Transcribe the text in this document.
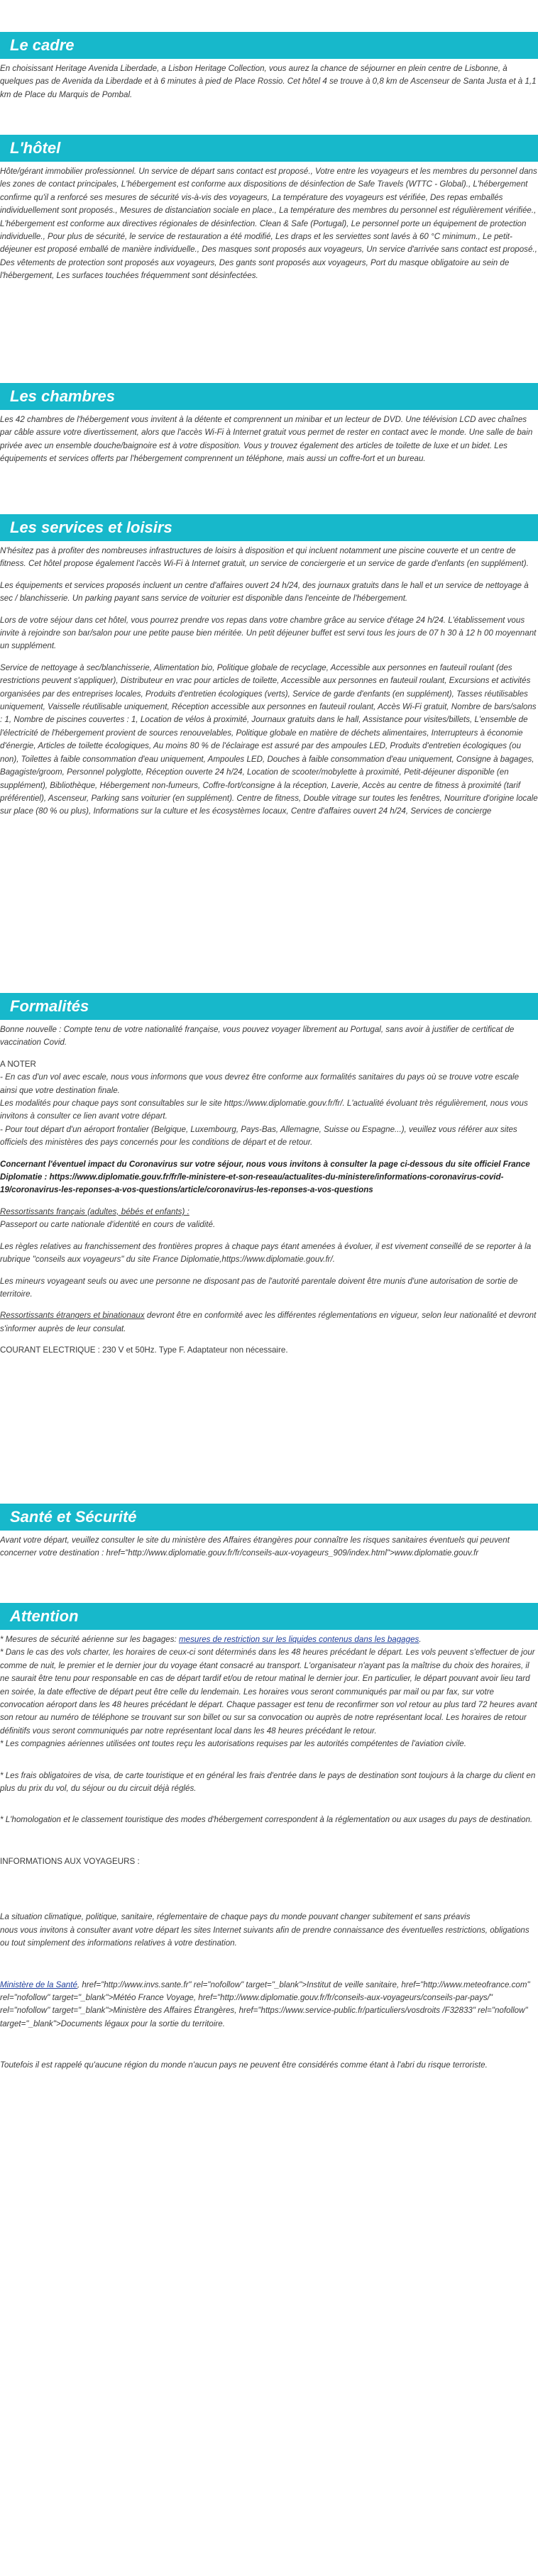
Le cadre

En choisissant Heritage Avenida Liberdade, a Lisbon Heritage Collection, vous aurez la chance de séjourner en plein centre de Lisbonne, à quelques pas de Avenida da Liberdade et à 6 minutes à pied de Place Rossio. Cet hôtel 4 se trouve à 0,8 km de Ascenseur de Santa Justa et à 1,1 km de Place du Marquis de Pombal.

L'hôtel

Hôte/gérant immobilier professionnel. Un service de départ sans contact est proposé., Votre entre les voyageurs et les membres du personnel dans les zones de contact principales, L'hébergement est conforme aux dispositions de désinfection de Safe Travels (WTTC - Global)., L'hébergement confirme qu'il a renforcé ses mesures de sécurité vis-à-vis des voyageurs, La température des voyageurs est vérifiée, Des repas emballés individuellement sont proposés., Mesures de distanciation sociale en place., La température des membres du personnel est régulièrement vérifiée., L'hébergement est conforme aux directives régionales de désinfection. Clean & Safe (Portugal), Le personnel porte un équipement de protection individuelle., Pour plus de sécurité, le service de restauration a été modifié, Les draps et les serviettes sont lavés à 60 °C minimum., Le petit-déjeuner est proposé emballé de manière individuelle., Des masques sont proposés aux voyageurs, Un service d'arrivée sans contact est proposé., Des vêtements de protection sont proposés aux voyageurs, Des gants sont proposés aux voyageurs, Port du masque obligatoire au sein de l'hébergement, Les surfaces touchées fréquemment sont désinfectées.

Les chambres

Les 42 chambres de l'hébergement vous invitent à la détente et comprennent un minibar et un lecteur de DVD. Une télévision LCD avec chaînes par câble assure votre divertissement, alors que l'accès Wi-Fi à Internet gratuit vous permet de rester en contact avec le monde. Une salle de bain privée avec un ensemble douche/baignoire est à votre disposition. Vous y trouvez également des articles de toilette de luxe et un bidet. Les équipements et services offerts par l'hébergement comprennent un téléphone, mais aussi un coffre-fort et un bureau.

Les services et loisirs

N'hésitez pas à profiter des nombreuses infrastructures de loisirs à disposition et qui incluent notamment une piscine couverte et un centre de fitness. Cet hôtel propose également l'accès Wi-Fi à Internet gratuit, un service de conciergerie et un service de garde d'enfants (en supplément).

Les équipements et services proposés incluent un centre d'affaires ouvert 24 h/24, des journaux gratuits dans le hall et un service de nettoyage à sec / blanchisserie. Un parking payant sans service de voiturier est disponible dans l'enceinte de l'hébergement.

Lors de votre séjour dans cet hôtel, vous pourrez prendre vos repas dans votre chambre grâce au service d'étage 24 h/24. L'établissement vous invite à rejoindre son bar/salon pour une petite pause bien méritée. Un petit déjeuner buffet est servi tous les jours de 07 h 30 à 12 h 00 moyennant un supplément.

Service de nettoyage à sec/blanchisserie, Alimentation bio, Politique globale de recyclage, Accessible aux personnes en fauteuil roulant (des restrictions peuvent s'appliquer), Distributeur en vrac pour articles de toilette, Accessible aux personnes en fauteuil roulant, Excursions et activités organisées par des entreprises locales, Produits d'entretien écologiques (verts), Service de garde d'enfants (en supplément), Tasses réutilisables uniquement, Vaisselle réutilisable uniquement, Réception accessible aux personnes en fauteuil roulant, Accès Wi-Fi gratuit, Nombre de bars/salons : 1, Nombre de piscines couvertes : 1, Location de vélos à proximité, Journaux gratuits dans le hall, Assistance pour visites/billets, L'ensemble de l'électricité de l'hébergement provient de sources renouvelables, Politique globale en matière de déchets alimentaires, Interrupteurs à économie d'énergie, Articles de toilette écologiques, Au moins 80 % de l'éclairage est assuré par des ampoules LED, Produits d'entretien écologiques (ou non), Toilettes à faible consommation d'eau uniquement, Ampoules LED, Douches à faible consommation d'eau uniquement, Consigne à bagages, Bagagiste/groom, Personnel polyglotte, Réception ouverte 24 h/24, Location de scooter/mobylette à proximité, Petit-déjeuner disponible (en supplément), Bibliothèque, Hébergement non-fumeurs, Coffre-fort/consigne à la réception, Laverie, Accès au centre de fitness à proximité (tarif préférentiel), Ascenseur, Parking sans voiturier (en supplément). Centre de fitness, Double vitrage sur toutes les fenêtres, Nourriture d'origine locale sur place (80 % ou plus), Informations sur la culture et les écosystèmes locaux, Centre d'affaires ouvert 24 h/24, Services de concierge

Formalités

Bonne nouvelle : Compte tenu de votre nationalité française, vous pouvez voyager librement au Portugal, sans avoir à justifier de certificat de vaccination Covid.

A NOTER

- En cas d'un vol avec escale, nous vous informons que vous devrez être conforme aux formalités sanitaires du pays où se trouve votre escale ainsi que votre destination finale.

Les modalités pour chaque pays sont consultables sur le site https://www.diplomatie.gouv.fr/fr/. L'actualité évoluant très régulièrement, nous vous invitons à consulter ce lien avant votre départ.

- Pour tout départ d'un aéroport frontalier (Belgique, Luxembourg, Pays-Bas, Allemagne, Suisse ou Espagne...), veuillez vous référer aux sites officiels des ministères des pays concernés pour les conditions de départ et de retour.

Concernant l'éventuel impact du Coronavirus sur votre séjour, nous vous invitons à consulter la page ci-dessous du site officiel France Diplomatie : https://www.diplomatie.gouv.fr/fr/le-ministere-et-son-reseau/actualites-du-ministere/informations-coronavirus-covid-19/coronavirus-les-reponses-a-vos-questions/article/coronavirus-les-reponses-a-vos-questions

Ressortissants français (adultes, bébés et enfants) :

Passeport ou carte nationale d'identité en cours de validité.

Les règles relatives au franchissement des frontières propres à chaque pays étant amenées à évoluer, il est vivement conseillé de se reporter à la rubrique "conseils aux voyageurs" du site France Diplomatie,https://www.diplomatie.gouv.fr/.

Les mineurs voyageant seuls ou avec une personne ne disposant pas de l'autorité parentale doivent être munis d'une autorisation de sortie de territoire.

Ressortissants étrangers et binationaux devront être en conformité avec les différentes réglementations en vigueur, selon leur nationalité et devront s'informer auprès de leur consulat.

COURANT ELECTRIQUE : 230 V et 50Hz. Type F. Adaptateur non nécessaire.

Santé et Sécurité

Avant votre départ, veuillez consulter le site du ministère des Affaires étrangères pour connaître les risques sanitaires éventuels qui peuvent concerner votre destination : href="http://www.diplomatie.gouv.fr/fr/conseils-aux-voyageurs_909/index.html">www.diplomatie.gouv.fr

Attention

* Mesures de sécurité aérienne sur les bagages: mesures de restriction sur les liquides contenus dans les bagages.

* Dans le cas des vols charter, les horaires de ceux-ci sont déterminés dans les 48 heures précédant le départ. Les vols peuvent s'effectuer de jour comme de nuit, le premier et le dernier jour du voyage étant consacré au transport. L'organisateur n'ayant pas la maîtrise du choix des horaires, il ne saurait être tenu pour responsable en cas de départ tardif et/ou de retour matinal le dernier jour. En particulier, le départ pouvant avoir lieu tard en soirée, la date effective de départ peut être celle du lendemain. Les horaires vous seront communiqués par mail ou par fax, sur votre convocation aéroport dans les 48 heures précédant le départ. Chaque passager est tenu de reconfirmer son vol retour au plus tard 72 heures avant son retour au numéro de téléphone se trouvant sur son billet ou sur sa convocation ou auprès de notre représentant local. Les horaires de retour définitifs vous seront communiqués par notre représentant local dans les 48 heures précédant le retour.

* Les compagnies aériennes utilisées ont toutes reçu les autorisations requises par les autorités compétentes de l'aviation civile.

* Les frais obligatoires de visa, de carte touristique et en général les frais d'entrée dans le pays de destination sont toujours à la charge du client en plus du prix du vol, du séjour ou du circuit déjà réglés.

* L'homologation et le classement touristique des modes d'hébergement correspondent à la réglementation ou aux usages du pays de destination.

INFORMATIONS AUX VOYAGEURS :

La situation climatique, politique, sanitaire, réglementaire de chaque pays du monde pouvant changer subitement et sans préavis

nous vous invitons à consulter avant votre départ les sites Internet suivants afin de prendre connaissance des éventuelles restrictions, obligations ou tout simplement des informations relatives à votre destination.

Ministère de la Santé, href="http://www.invs.sante.fr" rel="nofollow" target="_blank">Institut de veille sanitaire, href="http://www.meteofrance.com" rel="nofollow" target="_blank">Météo France Voyage, href="http://www.diplomatie.gouv.fr/fr/conseils-aux-voyageurs/conseils-par-pays/" rel="nofollow" target="_blank">Ministère des Affaires Étrangères, href="https://www.service-public.fr/particuliers/vosdroits /F32833" rel="nofollow" target="_blank">Documents légaux pour la sortie du territoire.

Toutefois il est rappelé qu'aucune région du monde n'aucun pays ne peuvent être considérés comme étant à l'abri du risque terroriste.
